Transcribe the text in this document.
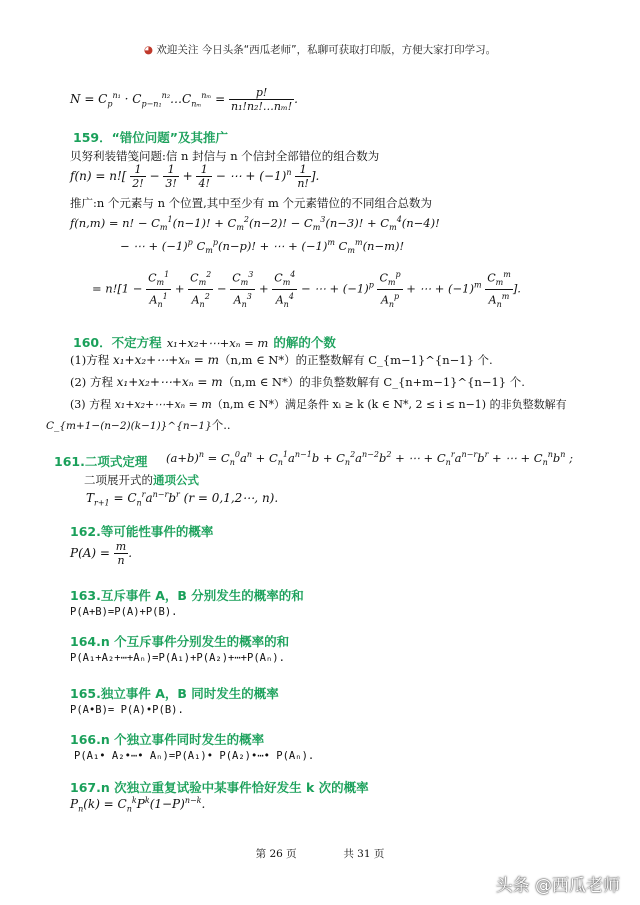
◕ 欢迎关注 今日头条“西瓜老师”，私聊可获取打印版，方便大家打印学习。
$N = C_p^{n_1}$ · $C_{p-n_1}^{n_2}\dots C_{n_m}^{n_m} = \frac{p!}{\text{n₁!n₂!…nₘ!}}$ .
159．“错位问题”及其推广
贝努利装错笺问题:信 n 封信与 n 个信封全部错位的组合数为
$f(n) = n![ \frac{1}{2!} - \frac{1}{3!} + \frac{1}{4!}$ − ⋯ + $(-1)^n \frac{1}{n!}$ ].
推广:n 个元素与 n 个位置,其中至少有 m 个元素错位的不同组合总数为
f(n,m) = n! − $C_m^1(n-1)$! + $C_m^2(n-2)$! − $C_m^3(n-3)$! + $C_m^4(n-4)$!
− ⋯ + $(-1)^p$ $C_m^p(n-p)$! + ⋯ + $(-1)^m$ $C_m^m(n-m)$!
= $n![1 - \frac{C_m^1}{A_n^1} + \frac{C_m^2}{A_n^2} - \frac{C_m^3}{A_n^3} + \frac{C_m^4}{A_n^4}$ − ⋯ + $(-1)^p \frac{C_m^p}{A_n^p}$ + ⋯ + $(-1)^m \frac{C_m^m}{A_n^m}$ ].
160．不定方程 x₁+x₂+⋯+xₙ = m 的解的个数
(1)方程 x₁+x₂+⋯+xₙ = m（n,m ∈ N*）的正整数解有 C_{m−1}^{n−1} 个.
(2) 方程 x₁+x₂+⋯+xₙ = m（n,m ∈ N*）的非负整数解有 C_{n+m−1}^{n−1} 个.
(3) 方程 x₁+x₂+⋯+xₙ = m（n,m ∈ N*）满足条件 xᵢ ≥ k (k ∈ N*, 2 ≤ i ≤ n−1) 的非负整数解有
C_{m+1−(n−2)(k−1)}^{n−1}个..
161.二项式定理 $(a+b)^n = C_n^0a^n + C_n^1a^{n-1}b + C_n^2a^{n-2}b^2$ + ⋯ + $C_n^ra^{n-r}b^r$ + ⋯ + $C_n^nb^n$ ;
二项展开式的通项公式
$T_{r+1} = C_n^ra^{n-r}b^r$ (r = 0,1,2⋯, n).
162.等可能性事件的概率
$P(A) = \frac{m}{n}$ .
163.互斥事件 A，B 分别发生的概率的和
P(A+B)=P(A)+P(B).
164.n 个互斥事件分别发生的概率的和
P(A₁+A₂+⋯+Aₙ)=P(A₁)+P(A₂)+⋯+P(Aₙ).
165.独立事件 A，B 同时发生的概率
P(A•B)= P(A)•P(B).
166.n 个独立事件同时发生的概率
P(A₁• A₂•⋯• Aₙ)=P(A₁)• P(A₂)•⋯• P(Aₙ).
167.n 次独立重复试验中某事件恰好发生 k 次的概率
$P_n(k) = C_n^kP^k(1-P)^{n-k}$.
第 26 页	共 31 页
头条 @西瓜老师
